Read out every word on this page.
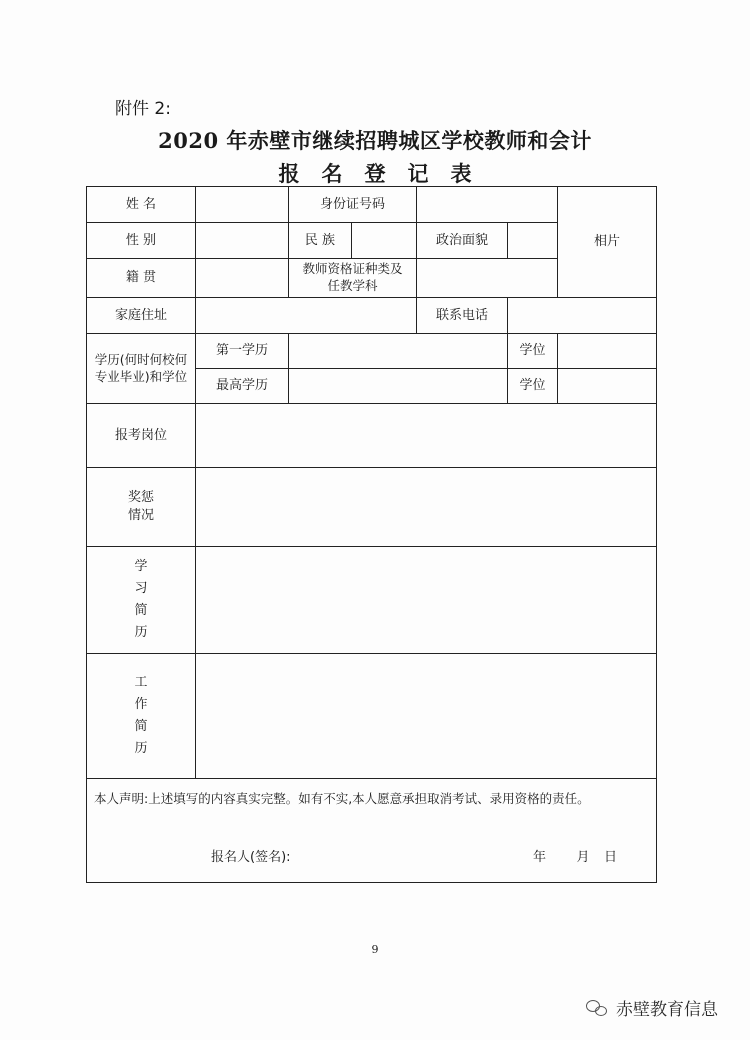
附件 2:
2020 年赤壁市继续招聘城区学校教师和会计
报名登记表
姓 名		身份证号码				相片
性 别		民 族		政治面貌		
籍 贯		教师资格证种类及任教学科				
家庭住址				联系电话		
学历(何时何校何专业毕业)和学位	第一学历				学位	
	最高学历				学位	
报考岗位						
奖惩情况						
学习简历						
工作简历						

本人声明:上述填写的内容真实完整。如有不实,本人愿意承担取消考试、录用资格的责任。
报名人(签名): 年 月 日						
9
赤壁教育信息
